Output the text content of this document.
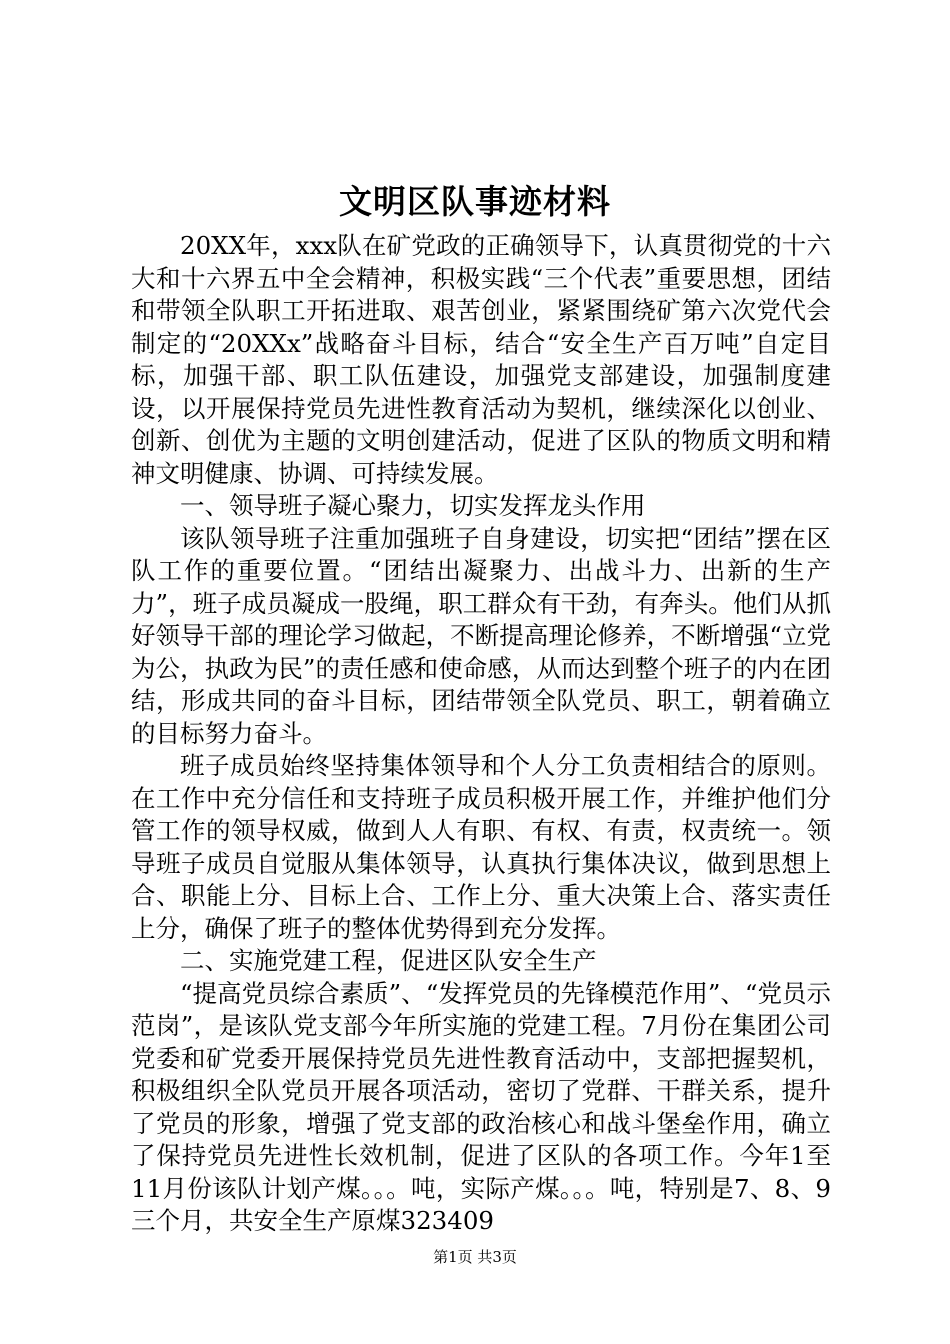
文明区队事迹材料

20XX年，xxx队在矿党政的正确领导下，认真贯彻党的十六大和十六界五中全会精神，积极实践“三个代表”重要思想，团结和带领全队职工开拓进取、艰苦创业，紧紧围绕矿第六次党代会制定的“20XXx”战略奋斗目标，结合“安全生产百万吨”自定目标，加强干部、职工队伍建设，加强党支部建设，加强制度建设，以开展保持党员先进性教育活动为契机，继续深化以创业、创新、创优为主题的文明创建活动，促进了区队的物质文明和精神文明健康、协调、可持续发展。

一、领导班子凝心聚力，切实发挥龙头作用

该队领导班子注重加强班子自身建设，切实把“团结”摆在区队工作的重要位置。“团结出凝聚力、出战斗力、出新的生产力”，班子成员凝成一股绳，职工群众有干劲，有奔头。他们从抓好领导干部的理论学习做起，不断提高理论修养，不断增强“立党为公，执政为民”的责任感和使命感，从而达到整个班子的内在团结，形成共同的奋斗目标，团结带领全队党员、职工，朝着确立的目标努力奋斗。

班子成员始终坚持集体领导和个人分工负责相结合的原则。在工作中充分信任和支持班子成员积极开展工作，并维护他们分管工作的领导权威，做到人人有职、有权、有责，权责统一。领导班子成员自觉服从集体领导，认真执行集体决议，做到思想上合、职能上分、目标上合、工作上分、重大决策上合、落实责任上分，确保了班子的整体优势得到充分发挥。

二、实施党建工程，促进区队安全生产

“提高党员综合素质”、“发挥党员的先锋模范作用”、“党员示范岗”，是该队党支部今年所实施的党建工程。7月份在集团公司党委和矿党委开展保持党员先进性教育活动中，支部把握契机，积极组织全队党员开展各项活动，密切了党群、干群关系，提升了党员的形象，增强了党支部的政治核心和战斗堡垒作用，确立了保持党员先进性长效机制，促进了区队的各项工作。今年1至11月份该队计划产煤。。。吨，实际产煤。。。吨，特别是7、8、9三个月，共安全生产原煤323409

第1页 共3页
